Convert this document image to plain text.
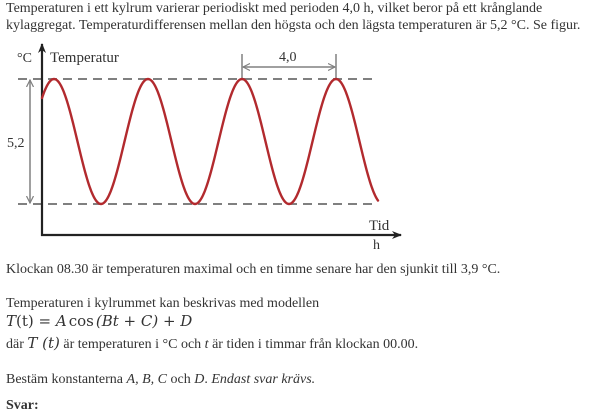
Temperaturen i ett kylrum varierar periodiskt med perioden 4,0 h, vilket beror på ett krånglande
kylaggregat. Temperaturdifferensen mellan den högsta och den lägsta temperaturen är 5,2 °C. Se figur.
5,2
4,0
°C Temperatur
Tid
h
Klockan 08.30 är temperaturen maximal och en timme senare har den sjunkit till 3,9 °C.
Temperaturen i kylrummet kan beskrivas med modellen
T(t) = A cos (Bt + C) + D
där T (t) är temperaturen i °C och t är tiden i timmar från klockan 00.00.
Bestäm konstanterna A, B, C och D. Endast svar krävs.
Svar:
